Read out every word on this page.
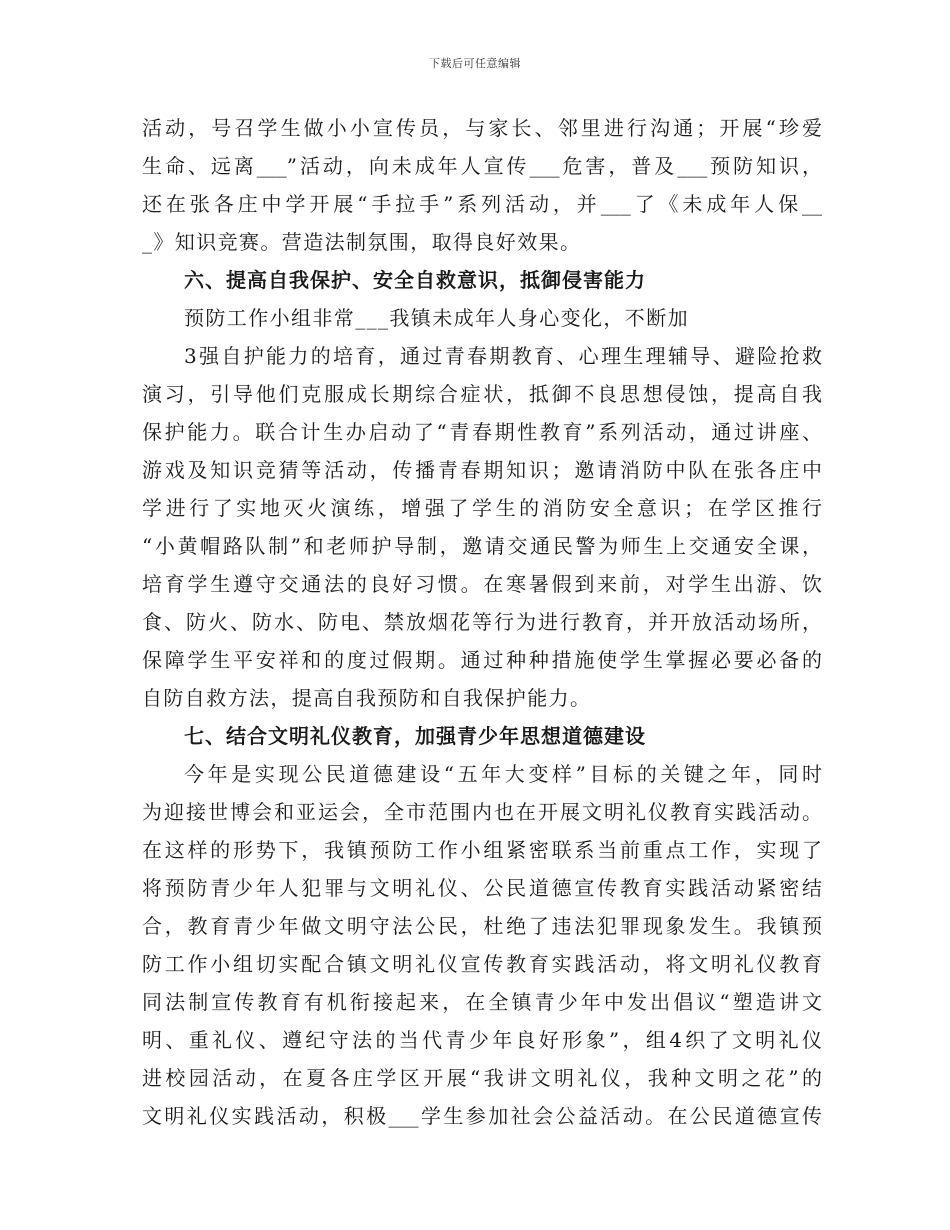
下载后可任意编辑
活动，号召学生做小小宣传员，与家长、邻里进行沟通；开展“珍爱
生命、远离___”活动，向未成年人宣传___危害，普及___预防知识，
还在张各庄中学开展“手拉手”系列活动，并___了《未成年人保__
_》知识竞赛。营造法制氛围，取得良好效果。
六、提高自我保护、安全自救意识，抵御侵害能力
预防工作小组非常___我镇未成年人身心变化，不断加
3强自护能力的培育，通过青春期教育、心理生理辅导、避险抢救
演习，引导他们克服成长期综合症状，抵御不良思想侵蚀，提高自我
保护能力。联合计生办启动了“青春期性教育”系列活动，通过讲座、
游戏及知识竞猜等活动，传播青春期知识；邀请消防中队在张各庄中
学进行了实地灭火演练，增强了学生的消防安全意识；在学区推行
“小黄帽路队制”和老师护导制，邀请交通民警为师生上交通安全课，
培育学生遵守交通法的良好习惯。在寒暑假到来前，对学生出游、饮
食、防火、防水、防电、禁放烟花等行为进行教育，并开放活动场所，
保障学生平安祥和的度过假期。通过种种措施使学生掌握必要必备的
自防自救方法，提高自我预防和自我保护能力。
七、结合文明礼仪教育，加强青少年思想道德建设
今年是实现公民道德建设“五年大变样”目标的关键之年，同时
为迎接世博会和亚运会，全市范围内也在开展文明礼仪教育实践活动。
在这样的形势下，我镇预防工作小组紧密联系当前重点工作，实现了
将预防青少年人犯罪与文明礼仪、公民道德宣传教育实践活动紧密结
合，教育青少年做文明守法公民，杜绝了违法犯罪现象发生。我镇预
防工作小组切实配合镇文明礼仪宣传教育实践活动，将文明礼仪教育
同法制宣传教育有机衔接起来，在全镇青少年中发出倡议“塑造讲文
明、重礼仪、遵纪守法的当代青少年良好形象”，组4织了文明礼仪
进校园活动，在夏各庄学区开展“我讲文明礼仪，我种文明之花”的
文明礼仪实践活动，积极___学生参加社会公益活动。在公民道德宣传
